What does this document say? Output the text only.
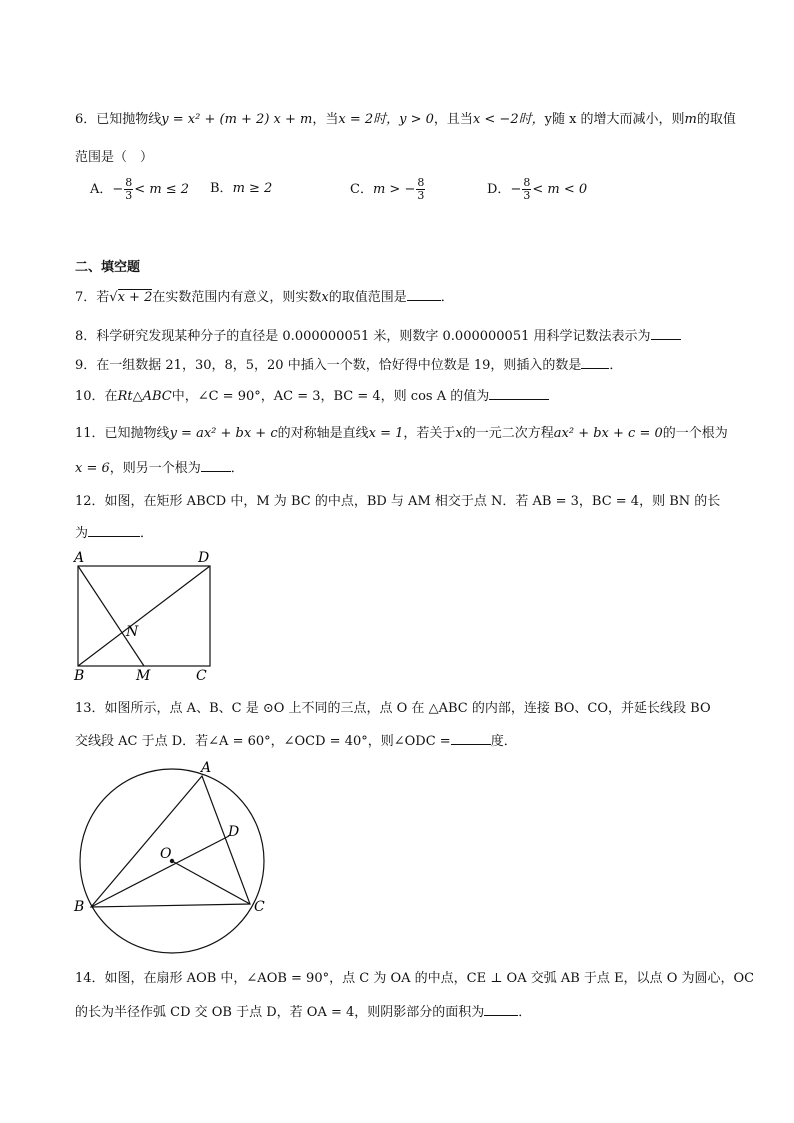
6．已知抛物线y = x² + (m + 2) x + m，当x = 2时，y > 0，且当x < −2时，y随 x 的增大而减小，则m的取值
范围是（　）
A．− $\frac{8}{3} < m \le 2$ B．m ≥ 2	C．m > − $\frac{8}{3}$	D．− $\frac{8}{3} < m < 0$
二、填空题
7．若√x + 2在实数范围内有意义，则实数x的取值范围是	．
8．科学研究发现某种分子的直径是 0.000000051 米，则数字 0.000000051 用科学记数法表示为
9．在一组数据 21，30，8，5，20 中插入一个数，恰好得中位数是 19，则插入的数是 ．
10．在Rt△ABC中，∠C = 90°，AC = 3，BC = 4，则 cos A 的值为
11．已知抛物线y = ax² + bx + c的对称轴是直线x = 1，若关于x的一元二次方程ax² + bx + c = 0的一个根为
x = 6，则另一个根为 ．
12．如图，在矩形 ABCD 中，M 为 BC 的中点，BD 与 AM 相交于点 N．若 AB = 3，BC = 4，则 BN 的长
为	．
A	D
B	M	C
N
13．如图所示，点 A、B、C 是 ⊙O 上不同的三点，点 O 在 △ABC 的内部，连接 BO、CO，并延长线段 BO
交线段 AC 于点 D．若∠A = 60°，∠OCD = 40°，则∠ODC =	度．
A
D
O
B	C
14．如图，在扇形 AOB 中，∠AOB = 90°，点 C 为 OA 的中点，CE ⊥ OA 交弧 AB 于点 E，以点 O 为圆心，OC
的长为半径作弧 CD 交 OB 于点 D，若 OA = 4，则阴影部分的面积为	．
